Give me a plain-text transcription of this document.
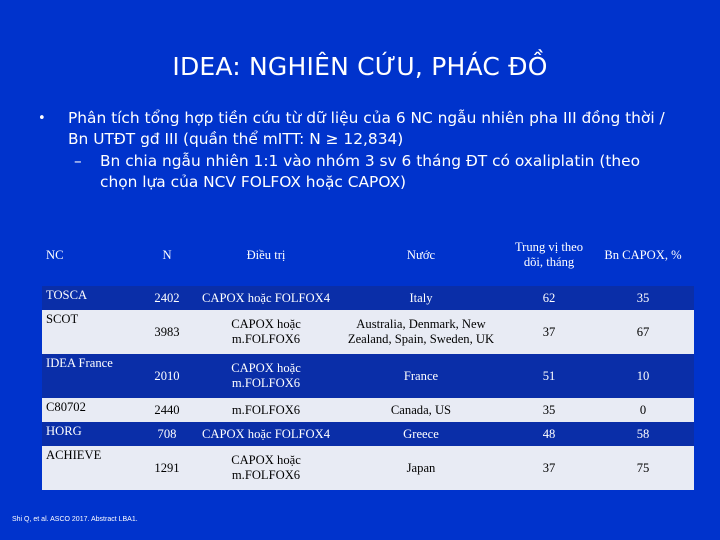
IDEA: NGHIÊN CỨU, PHÁC ĐỒ
• Phân tích tổng hợp tiền cứu từ dữ liệu của 6 NC ngẫu nhiên pha III đồng thời / Bn UTĐT gđ III (quần thể mITT: N ≥ 12,834)
– Bn chia ngẫu nhiên 1:1 vào nhóm 3 sv 6 tháng ĐT có oxaliplatin (theo chọn lựa của NCV FOLFOX hoặc CAPOX)
NC	N	Điều trị	Nước	Trung vị theo dõi, tháng	Bn CAPOX, %
TOSCA	2402	CAPOX hoặc FOLFOX4	Italy	62	35
SCOT	3983	CAPOX hoặc m.FOLFOX6	Australia, Denmark, New Zealand, Spain, Sweden, UK	37	67
IDEA France	2010	CAPOX hoặc m.FOLFOX6	France	51	10
C80702	2440	m.FOLFOX6	Canada, US	35	0
HORG	708	CAPOX hoặc FOLFOX4	Greece	48	58
ACHIEVE	1291	CAPOX hoặc m.FOLFOX6	Japan	37	75
Shi Q, et al. ASCO 2017. Abstract LBA1.
